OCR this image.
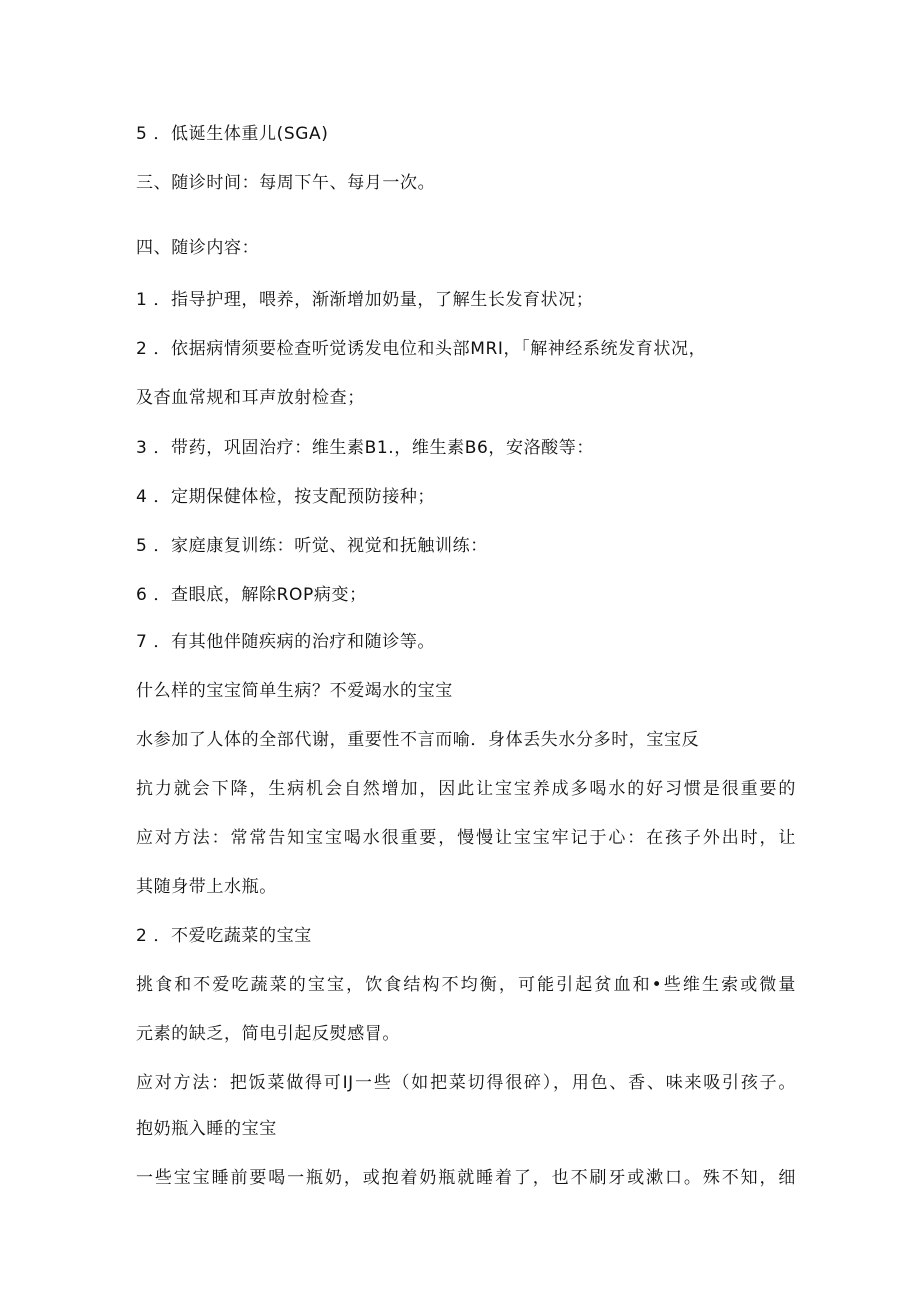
5 ．低诞生体重儿(SGA)
三、随诊时间：每周下午、每月一次。
四、随诊内容：
1 ．指导护理，喂养，渐渐增加奶量，了解生长发育状况；
2 ．依据病情须要检查听觉诱发电位和头部MRI，「解神经系统发育状况，
及杳血常规和耳声放射检查；
3 ．带药，巩固治疗：维生素B1.，维生素B6，安洛酸等：
4 ．定期保健体检，按支配预防接种；
5 ．家庭康复训练：听觉、视觉和抚触训练：
6 ．查眼底，解除ROP病变；
7 ．有其他伴随疾病的治疗和随诊等。
什么样的宝宝简单生病？不爱竭水的宝宝
水参加了人体的全部代谢，重要性不言而喻．身体丢失水分多时，宝宝反
抗力就会下降，生病机会自然增加，因此让宝宝养成多喝水的好习惯是很重要的
应对方法：常常告知宝宝喝水很重要，慢慢让宝宝牢记于心：在孩子外出时，让
其随身带上水瓶。
2 ．不爱吃蔬菜的宝宝
挑食和不爱吃蔬菜的宝宝，饮食结构不均衡，可能引起贫血和•些维生索或微量
元素的缺乏，简电引起反熨感冒。
应对方法：把饭菜做得可IJ一些（如把菜切得很碎），用色、香、味来吸引孩子。
抱奶瓶入睡的宝宝
一些宝宝睡前要喝一瓶奶，或抱着奶瓶就睡着了，也不刷牙或漱口。殊不知，细
